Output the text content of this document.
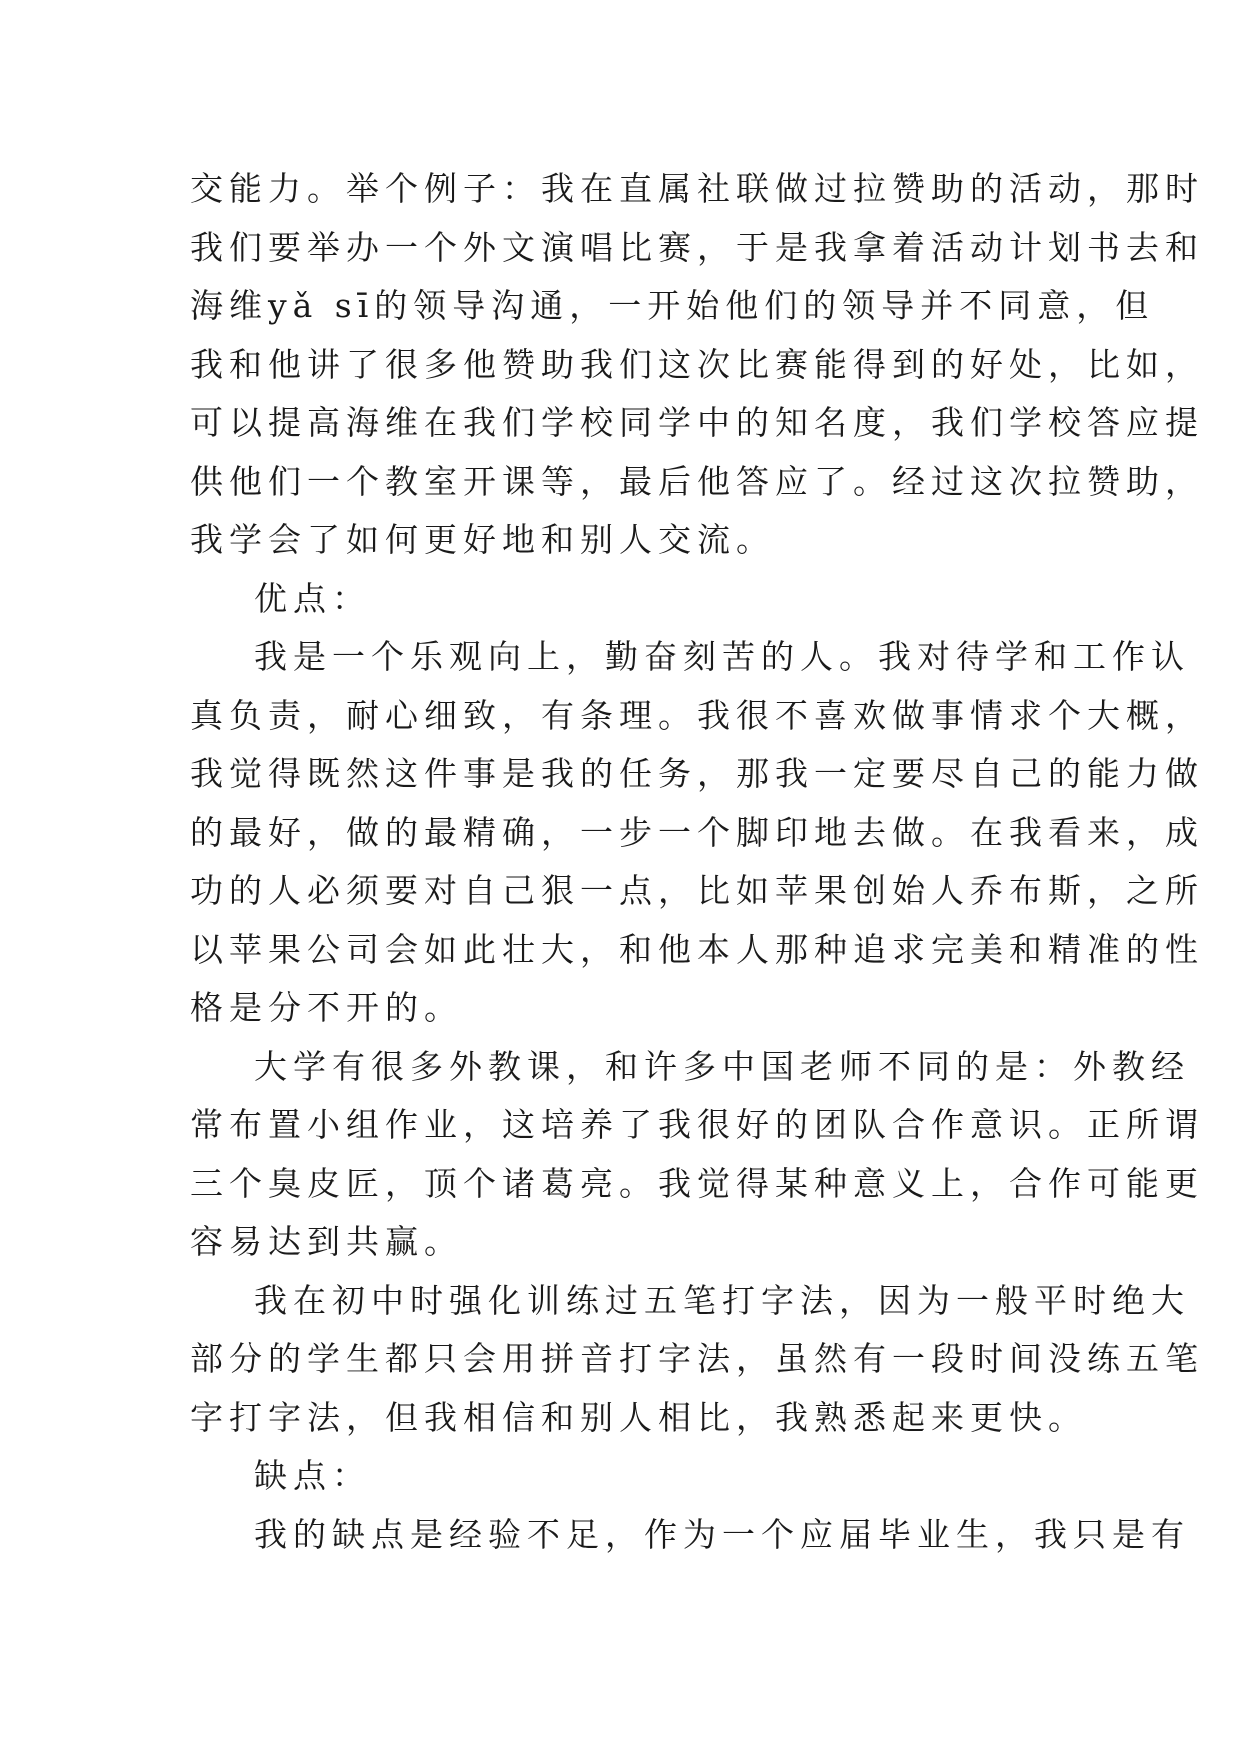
交能力。举个例子：我在直属社联做过拉赞助的活动，那时
我们要举办一个外文演唱比赛，于是我拿着活动计划书去和
海维yǎ sī的领导沟通，一开始他们的领导并不同意，但
我和他讲了很多他赞助我们这次比赛能得到的好处，比如，
可以提高海维在我们学校同学中的知名度，我们学校答应提
供他们一个教室开课等，最后他答应了。经过这次拉赞助，
我学会了如何更好地和别人交流。
优点：
我是一个乐观向上，勤奋刻苦的人。我对待学和工作认
真负责，耐心细致，有条理。我很不喜欢做事情求个大概，
我觉得既然这件事是我的任务，那我一定要尽自己的能力做
的最好，做的最精确，一步一个脚印地去做。在我看来，成
功的人必须要对自己狠一点，比如苹果创始人乔布斯，之所
以苹果公司会如此壮大，和他本人那种追求完美和精准的性
格是分不开的。
大学有很多外教课，和许多中国老师不同的是：外教经
常布置小组作业，这培养了我很好的团队合作意识。正所谓
三个臭皮匠，顶个诸葛亮。我觉得某种意义上，合作可能更
容易达到共赢。
我在初中时强化训练过五笔打字法，因为一般平时绝大
部分的学生都只会用拼音打字法，虽然有一段时间没练五笔
字打字法，但我相信和别人相比，我熟悉起来更快。
缺点：
我的缺点是经验不足，作为一个应届毕业生，我只是有
